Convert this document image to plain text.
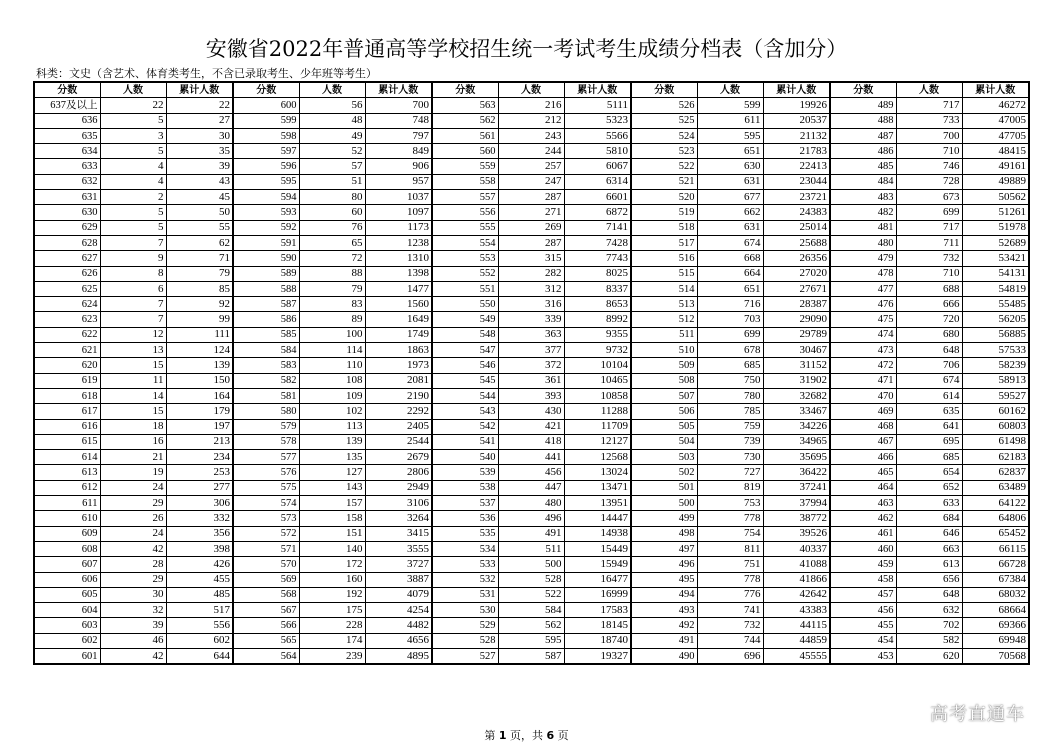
安徽省2022年普通高等学校招生统一考试考生成绩分档表（含加分）
科类：文史（含艺术、体育类考生，不含已录取考生、少年班等考生）
分数	人数	累计人数	分数	人数	累计人数	分数	人数	累计人数	分数	人数	累计人数	分数	人数	累计人数
637及以上	22	22	600	56	700	563	216	5111	526	599	19926	489	717	46272
636	5	27	599	48	748	562	212	5323	525	611	20537	488	733	47005
635	3	30	598	49	797	561	243	5566	524	595	21132	487	700	47705
634	5	35	597	52	849	560	244	5810	523	651	21783	486	710	48415
633	4	39	596	57	906	559	257	6067	522	630	22413	485	746	49161
632	4	43	595	51	957	558	247	6314	521	631	23044	484	728	49889
631	2	45	594	80	1037	557	287	6601	520	677	23721	483	673	50562
630	5	50	593	60	1097	556	271	6872	519	662	24383	482	699	51261
629	5	55	592	76	1173	555	269	7141	518	631	25014	481	717	51978
628	7	62	591	65	1238	554	287	7428	517	674	25688	480	711	52689
627	9	71	590	72	1310	553	315	7743	516	668	26356	479	732	53421
626	8	79	589	88	1398	552	282	8025	515	664	27020	478	710	54131
625	6	85	588	79	1477	551	312	8337	514	651	27671	477	688	54819
624	7	92	587	83	1560	550	316	8653	513	716	28387	476	666	55485
623	7	99	586	89	1649	549	339	8992	512	703	29090	475	720	56205
622	12	111	585	100	1749	548	363	9355	511	699	29789	474	680	56885
621	13	124	584	114	1863	547	377	9732	510	678	30467	473	648	57533
620	15	139	583	110	1973	546	372	10104	509	685	31152	472	706	58239
619	11	150	582	108	2081	545	361	10465	508	750	31902	471	674	58913
618	14	164	581	109	2190	544	393	10858	507	780	32682	470	614	59527
617	15	179	580	102	2292	543	430	11288	506	785	33467	469	635	60162
616	18	197	579	113	2405	542	421	11709	505	759	34226	468	641	60803
615	16	213	578	139	2544	541	418	12127	504	739	34965	467	695	61498
614	21	234	577	135	2679	540	441	12568	503	730	35695	466	685	62183
613	19	253	576	127	2806	539	456	13024	502	727	36422	465	654	62837
612	24	277	575	143	2949	538	447	13471	501	819	37241	464	652	63489
611	29	306	574	157	3106	537	480	13951	500	753	37994	463	633	64122
610	26	332	573	158	3264	536	496	14447	499	778	38772	462	684	64806
609	24	356	572	151	3415	535	491	14938	498	754	39526	461	646	65452
608	42	398	571	140	3555	534	511	15449	497	811	40337	460	663	66115
607	28	426	570	172	3727	533	500	15949	496	751	41088	459	613	66728
606	29	455	569	160	3887	532	528	16477	495	778	41866	458	656	67384
605	30	485	568	192	4079	531	522	16999	494	776	42642	457	648	68032
604	32	517	567	175	4254	530	584	17583	493	741	43383	456	632	68664
603	39	556	566	228	4482	529	562	18145	492	732	44115	455	702	69366
602	46	602	565	174	4656	528	595	18740	491	744	44859	454	582	69948
601	42	644	564	239	4895	527	587	19327	490	696	45555	453	620	70568
第 1 页，共 6 页
高考直通车
